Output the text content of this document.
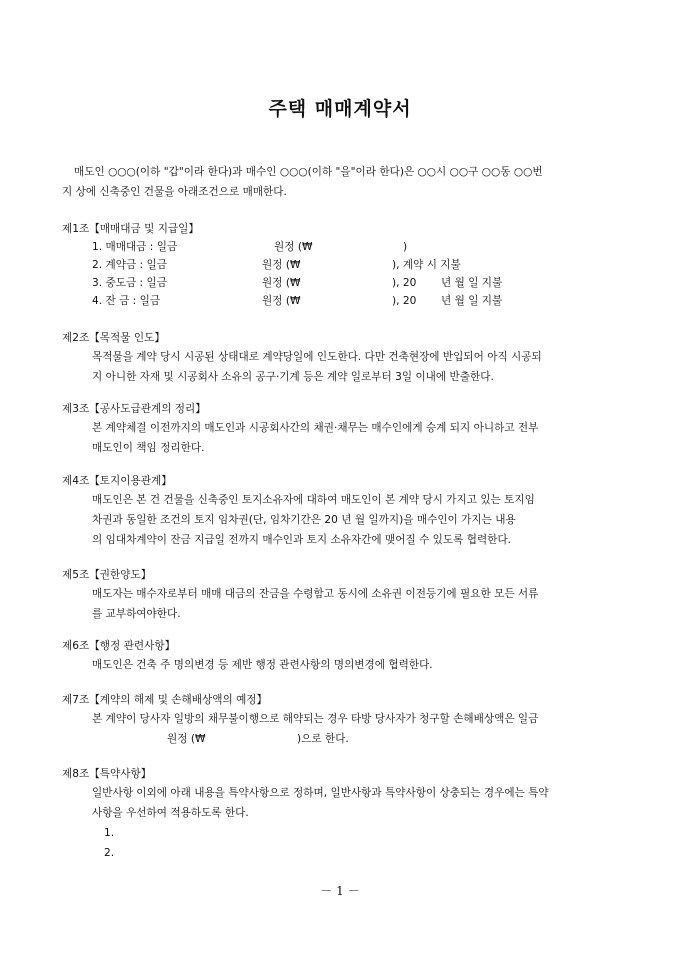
주택 매매계약서
매도인 ○○○(이하 "갑"이라 한다)과 매수인 ○○○(이하 "을"이라 한다)은 ○○시 ○○구 ○○동 ○○번
지 상에 신축중인 건물을 아래조건으로 매매한다.
제1조【매매대금 및 지급일】
1. 매매대금 : 일금	원정 (₩	)
2. 계약금 : 일금	원정 (₩	), 계약 시 지불
3. 중도금 : 일금	원정 (₩	), 20 년 월 일 지불
4. 잔 금 : 일금	원정 (₩	), 20 년 월 일 지불
제2조【목적물 인도】
목적물을 계약 당시 시공된 상태대로 계약당일에 인도한다. 다만 건축현장에 반입되어 아직 시공되
지 아니한 자재 및 시공회사 소유의 공구·기계 등은 계약 일로부터 3일 이내에 반출한다.
제3조【공사도급관계의 정리】
본 계약체결 이전까지의 매도인과 시공회사간의 채권·채무는 매수인에게 승계 되지 아니하고 전부
매도인이 책임 정리한다.
제4조【토지이용관계】
매도인은 본 건 건물을 신축중인 토지소유자에 대하여 매도인이 본 계약 당시 가지고 있는 토지임
차권과 동일한 조건의 토지 임차권(단, 임차기간은 20 년 월 일까지)을 매수인이 가지는 내용
의 임대차계약이 잔금 지급일 전까지 매수인과 토지 소유자간에 맺어질 수 있도록 협력한다.
제5조【권한양도】
매도자는 매수자로부터 매매 대금의 잔금을 수령함고 동시에 소유권 이전등기에 필요한 모든 서류
를 교부하여야한다.
제6조【행정 관련사항】
매도인은 건축 주 명의변경 등 제반 행정 관련사항의 명의변경에 협력한다.
제7조【계약의 해제 및 손해배상액의 예정】
본 계약이 당사자 일방의 채무불이행으로 해약되는 경우 타방 당사자가 청구할 손해배상액은 일금
원정 (₩	)으로 한다.
제8조【특약사항】
일반사항 이외에 아래 내용을 특약사항으로 정하며, 일반사항과 특약사항이 상충되는 경우에는 특약
사항을 우선하여 적용하도록 한다.
1.
2.
－ 1 －
